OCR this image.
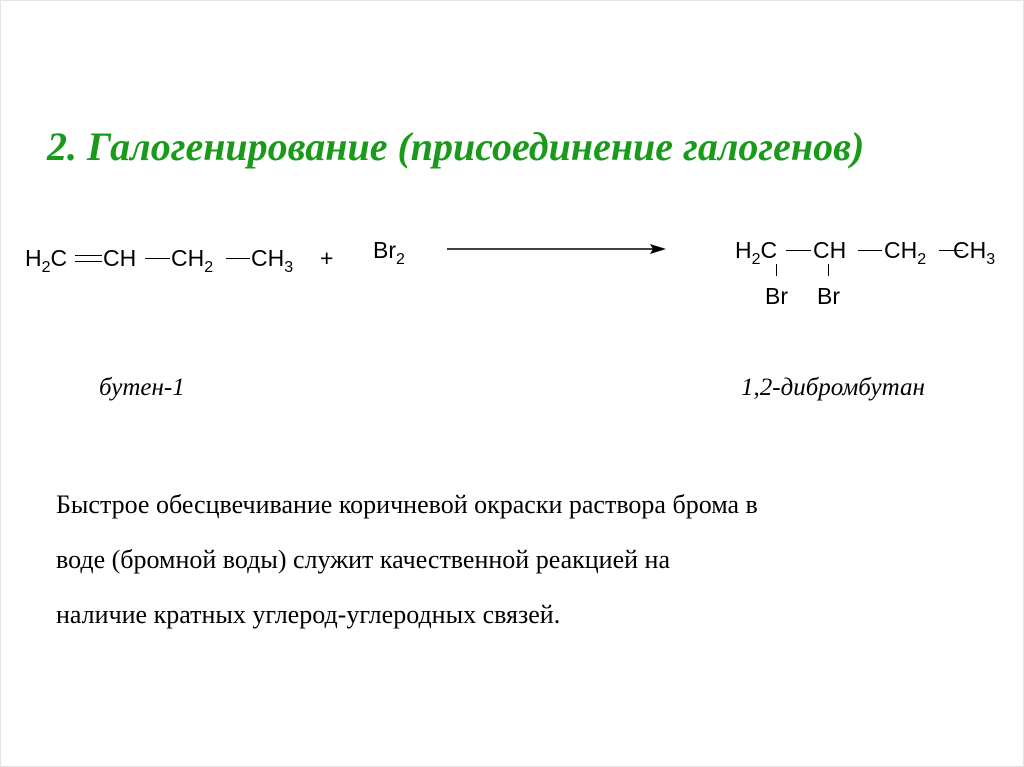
2. Галогенирование (присоединение галогенов)
$H_2C$ CH $CH_2$ $CH_3 + Br_2$	$H_2C$ CH $CH_2$ $CH_3$
Br Br
бутен-1	1,2-дибромбутан
Быстрое обесцвечивание коричневой окраски раствора брома в
воде (бромной воды) служит качественной реакцией на
наличие кратных углерод-углеродных связей.
